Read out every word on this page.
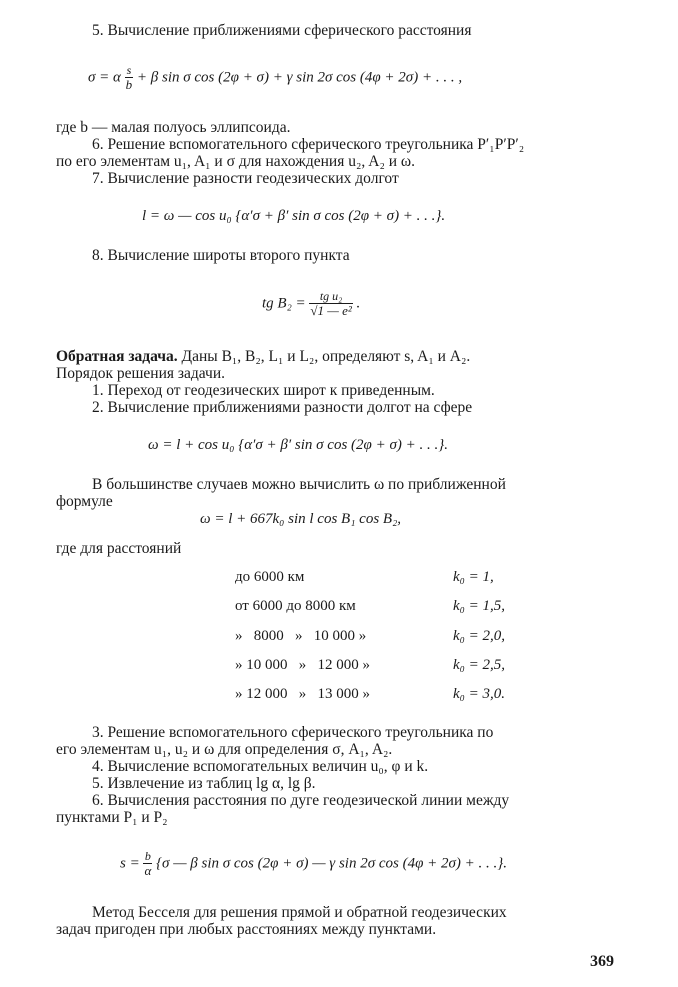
5. Вычисление приближениями сферического расстояния
σ = α $\frac{s}{b} + \beta$ sin σ cos (2φ + σ) + γ sin 2σ cos (4φ + 2σ) + . . . ,
где b — малая полуось эллипсоида.
6. Решение вспомогательного сферического треугольника P′₁P′P′₂
по его элементам u₁, A₁ и σ для нахождения u₂, A₂ и ω.
7. Вычисление разности геодезических долгот
l = ω — cos u₀ {α′σ + β′ sin σ cos (2φ + σ) + . . .}.
8. Вычисление широты второго пункта
tg $B_2 = \frac{\text{tg u₂}}{\text{√1 — e²}}$ .
Обратная задача. Даны B₁, B₂, L₁ и L₂, определяют s, A₁ и A₂.
Порядок решения задачи.
1. Переход от геодезических широт к приведенным.
2. Вычисление приближениями разности долгот на сфере
ω = l + cos u₀ {α′σ + β′ sin σ cos (2φ + σ) + . . .}.
В большинстве случаев можно вычислить ω по приближенной
формуле
ω = l + 667k₀ sin l cos B₁ cos B₂,
где для расстояний
до 6000 км	k₀ = 1,
от 6000 до 8000 км	k₀ = 1,5,
»   8000   »   10 000 »	k₀ = 2,0,
» 10 000   »   12 000 »	k₀ = 2,5,
» 12 000   »   13 000 »	k₀ = 3,0.
3. Решение вспомогательного сферического треугольника по
его элементам u₁, u₂ и ω для определения σ, A₁, A₂.
4. Вычисление вспомогательных величин u₀, φ и k.
5. Извлечение из таблиц lg α, lg β.
6. Вычисления расстояния по дуге геодезической линии между
пунктами P₁ и P₂
$s = \frac{b}{\alpha} \{\sigma$ — β sin σ cos (2φ + σ) — γ sin 2σ cos (4φ + 2σ) + . . .}.
Метод Бесселя для решения прямой и обратной геодезических
задач пригоден при любых расстояниях между пунктами.
369
